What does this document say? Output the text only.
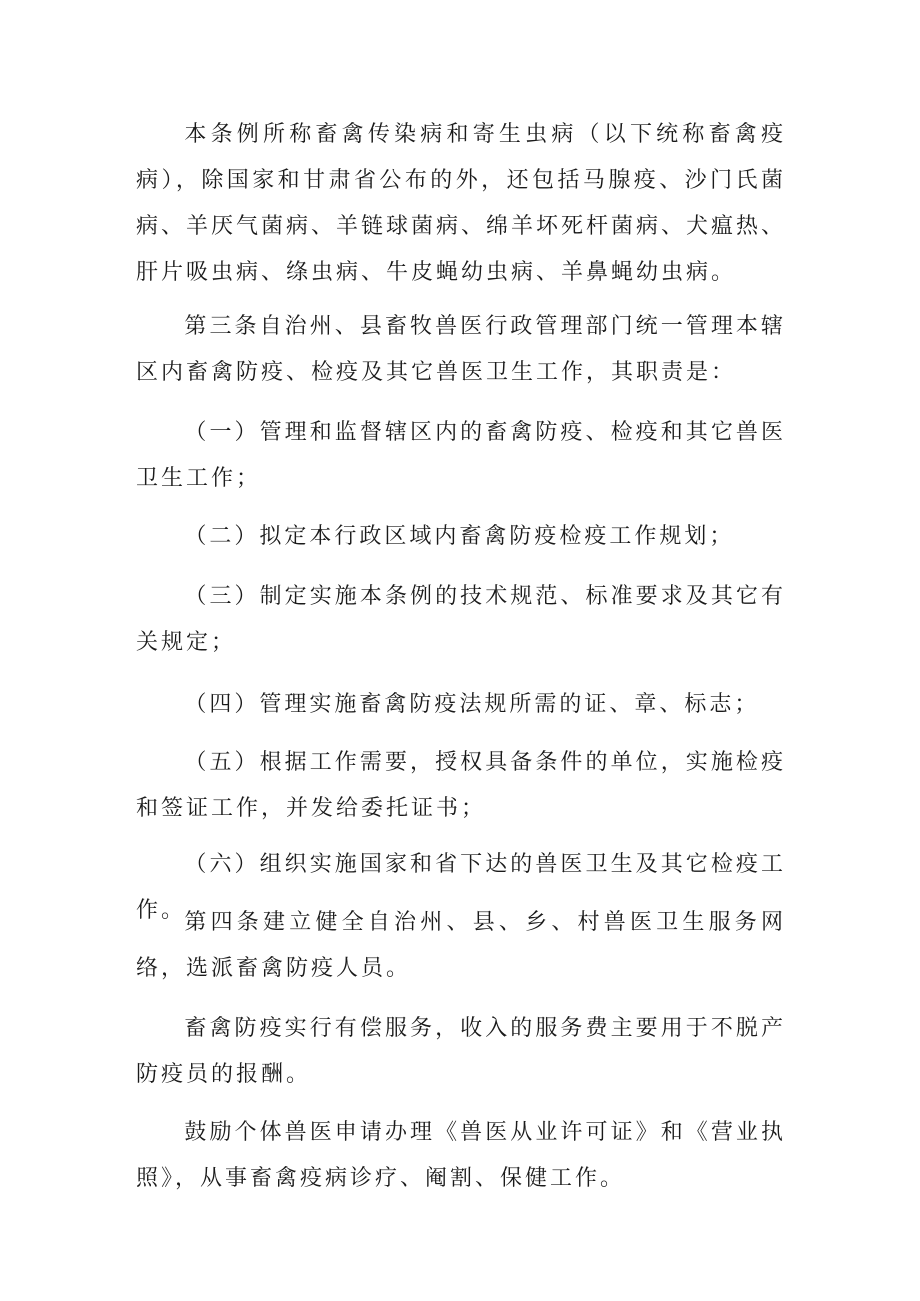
本条例所称畜禽传染病和寄生虫病（以下统称畜禽疫病），除国家和甘肃省公布的外，还包括马腺疫、沙门氏菌病、羊厌气菌病、羊链球菌病、绵羊坏死杆菌病、犬瘟热、肝片吸虫病、绦虫病、牛皮蝇幼虫病、羊鼻蝇幼虫病。

第三条自治州、县畜牧兽医行政管理部门统一管理本辖区内畜禽防疫、检疫及其它兽医卫生工作，其职责是：

（一）管理和监督辖区内的畜禽防疫、检疫和其它兽医卫生工作；

（二）拟定本行政区域内畜禽防疫检疫工作规划；

（三）制定实施本条例的技术规范、标准要求及其它有关规定；

（四）管理实施畜禽防疫法规所需的证、章、标志；

（五）根据工作需要，授权具备条件的单位，实施检疫和签证工作，并发给委托证书；

（六）组织实施国家和省下达的兽医卫生及其它检疫工作。

第四条建立健全自治州、县、乡、村兽医卫生服务网络，选派畜禽防疫人员。

畜禽防疫实行有偿服务，收入的服务费主要用于不脱产防疫员的报酬。

鼓励个体兽医申请办理《兽医从业许可证》和《营业执照》，从事畜禽疫病诊疗、阉割、保健工作。
